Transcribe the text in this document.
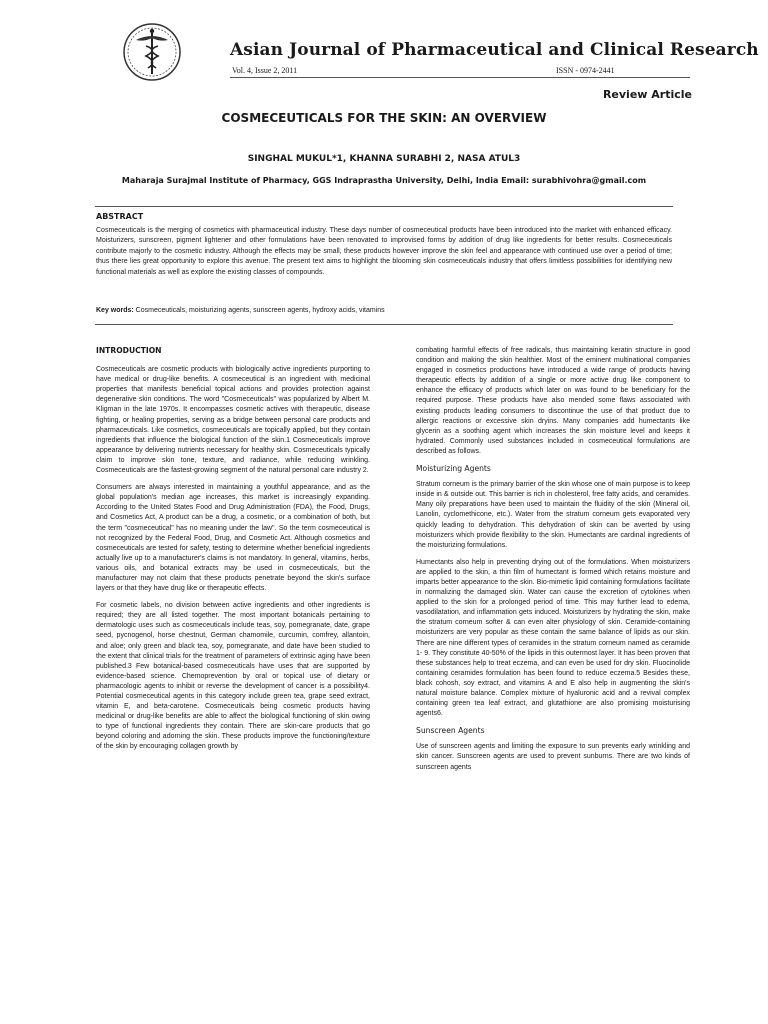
Asian Journal of Pharmaceutical and Clinical Research
Vol. 4, Issue 2, 2011	ISSN - 0974-2441
Review Article
COSMECEUTICALS FOR THE SKIN: AN OVERVIEW
SINGHAL MUKUL*1, KHANNA SURABHI 2, NASA ATUL3
Maharaja Surajmal Institute of Pharmacy, GGS Indraprastha University, Delhi, India Email: surabhivohra@gmail.com
ABSTRACT
Cosmeceuticals is the merging of cosmetics with pharmaceutical industry. These days number of cosmeceutical products have been introduced into the market with enhanced efficacy. Moisturizers, sunscreen, pigment lightener and other formulations have been renovated to improvised forms by addition of drug like ingredients for better results. Cosmeceuticals contribute majorly to the cosmetic industry. Although the effects may be small, these products however improve the skin feel and appearance with continued use over a period of time; thus there lies great opportunity to explore this avenue. The present text aims to highlight the blooming skin cosmeceuticals industry that offers limitless possibilities for identifying new functional materials as well as explore the existing classes of compounds.
Key words: Cosmeceuticals, moisturizing agents, sunscreen agents, hydroxy acids, vitamins
INTRODUCTION

Cosmeceuticals are cosmetic products with biologically active ingredients purporting to have medical or drug-like benefits. A cosmeceutical is an ingredient with medicinal properties that manifests beneficial topical actions and provides protection against degenerative skin conditions. The word "Cosmeceuticals" was popularized by Albert M. Kligman in the late 1970s. It encompasses cosmetic actives with therapeutic, disease fighting, or healing properties, serving as a bridge between personal care products and pharmaceuticals. Like cosmetics, cosmeceuticals are topically applied, but they contain ingredients that influence the biological function of the skin.1 Cosmeceuticals improve appearance by delivering nutrients necessary for healthy skin. Cosmeceuticals typically claim to improve skin tone, texture, and radiance, while reducing wrinkling. Cosmeceuticals are the fastest-growing segment of the natural personal care industry 2.

Consumers are always interested in maintaining a youthful appearance, and as the global population's median age increases, this market is increasingly expanding. According to the United States Food and Drug Administration (FDA), the Food, Drugs, and Cosmetics Act, A product can be a drug, a cosmetic, or a combination of both, but the term "cosmeceutical" has no meaning under the law". So the term cosmeceutical is not recognized by the Federal Food, Drug, and Cosmetic Act. Although cosmetics and cosmeceuticals are tested for safety, testing to determine whether beneficial ingredients actually live up to a manufacturer's claims is not mandatory. In general, vitamins, herbs, various oils, and botanical extracts may be used in cosmeceuticals, but the manufacturer may not claim that these products penetrate beyond the skin's surface layers or that they have drug like or therapeutic effects.

For cosmetic labels, no division between active ingredients and other ingredients is required; they are all listed together. The most important botanicals pertaining to dermatologic uses such as cosmeceuticals include teas, soy, pomegranate, date, grape seed, pycnogenol, horse chestnut, German chamomile, curcumin, comfrey, allantoin, and aloe; only green and black tea, soy, pomegranate, and date have been studied to the extent that clinical trials for the treatment of parameters of extrinsic aging have been published.3 Few botanical-based cosmeceuticals have uses that are supported by evidence-based science. Chemoprevention by oral or topical use of dietary or pharmacologic agents to inhibit or reverse the development of cancer is a possibility4. Potential cosmeceutical agents in this category include green tea, grape seed extract, vitamin E, and beta-carotene. Cosmeceuticals being cosmetic products having medicinal or drug-like benefits are able to affect the biological functioning of skin owing to type of functional ingredients they contain. There are skin-care products that go beyond coloring and adorning the skin. These products improve the functioning/texture of the skin by encouraging collagen growth by

combating harmful effects of free radicals, thus maintaining keratin structure in good condition and making the skin healthier. Most of the eminent multinational companies engaged in cosmetics productions have introduced a wide range of products having therapeutic effects by addition of a single or more active drug like component to enhance the efficacy of products which later on was found to be beneficiary for the required purpose. These products have also mended some flaws associated with existing products leading consumers to discontinue the use of that product due to allergic reactions or excessive skin dryins. Many companies add humectants like glycerin as a soothing agent which increases the skin moisture level and keeps it hydrated. Commonly used substances included in cosmeceutical formulations are described as follows.

Moisturizing Agents

Stratum corneum is the primary barrier of the skin whose one of main purpose is to keep inside in & outside out. This barrier is rich in cholesterol, free fatty acids, and ceramides. Many oily preparations have been used to maintain the fluidity of the skin (Mineral oil, Lanolin, cyclomethicone, etc.). Water from the stratum corneum gets evaporated very quickly leading to dehydration. This dehydration of skin can be averted by using moisturizers which provide flexibility to the skin. Humectants are cardinal ingredients of the moisturizing formulations.

Humectants also help in preventing drying out of the formulations. When moisturizers are applied to the skin, a thin film of humectant is formed which retains moisture and imparts better appearance to the skin. Bio-mimetic lipid containing formulations facilitate in normalizing the damaged skin. Water can cause the excretion of cytokines when applied to the skin for a prolonged period of time. This may further lead to edema, vasodilatation, and inflammation gets induced. Moisturizers by hydrating the skin, make the stratum corneum softer & can even alter physiology of skin. Ceramide-containing moisturizers are very popular as these contain the same balance of lipids as our skin. There are nine different types of ceramides in the stratum corneum named as ceramide 1- 9. They constitute 40-50% of the lipids in this outermost layer. It has been proven that these substances help to treat eczema, and can even be used for dry skin. Fluocinolide containing ceramides formulation has been found to reduce eczema.5 Besides these, black cohosh, soy extract, and vitamins A and E also help in augmenting the skin's natural moisture balance. Complex mixture of hyaluronic acid and a revival complex containing green tea leaf extract, and glutathione are also promising moisturising agents6.

Sunscreen Agents

Use of sunscreen agents and limiting the exposure to sun prevents early wrinkling and skin cancer. Sunscreen agents are used to prevent sunburns. There are two kinds of sunscreen agents
